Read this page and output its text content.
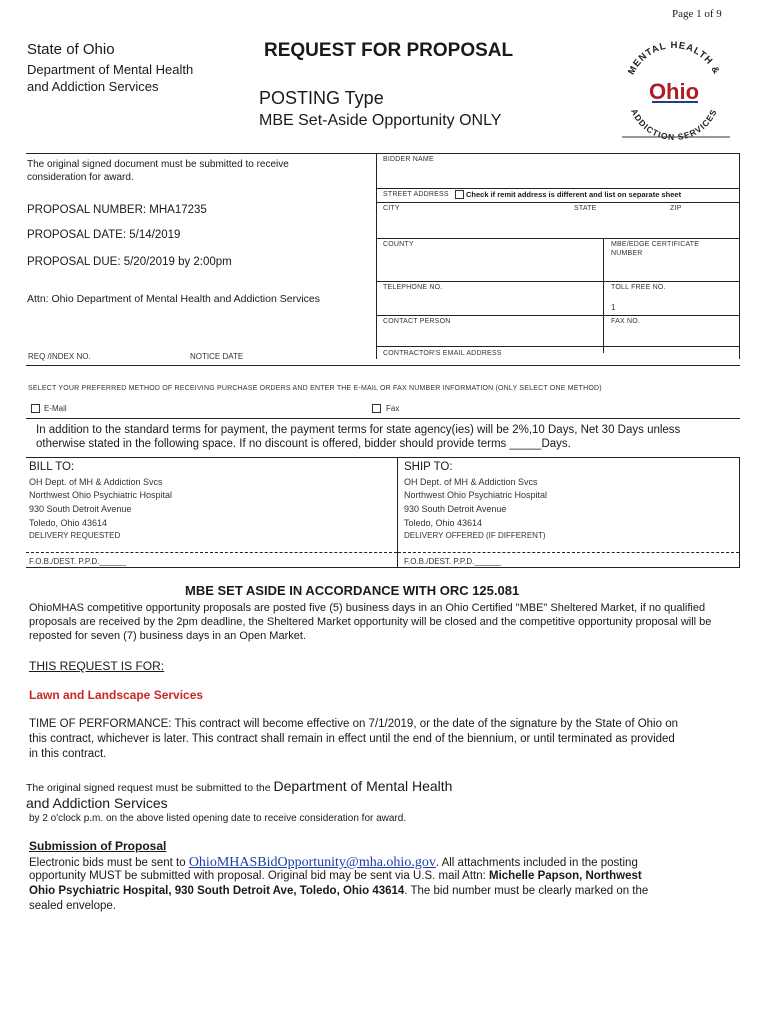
Page 1 of 9
State of Ohio
Department of Mental Health
and Addiction Services
REQUEST FOR PROPOSAL
POSTING Type
MBE Set-Aside Opportunity ONLY
MENTAL HEALTH &
ADDICTION SERVICES
Ohio
The original signed document must be submitted to receive consideration for award.
PROPOSAL NUMBER: MHA17235
PROPOSAL DATE: 5/14/2019
PROPOSAL DUE: 5/20/2019 by 2:00pm
Attn: Ohio Department of Mental Health and Addiction Services
BIDDER NAME
STREET ADDRESS Check if remit address is different and list on separate sheet
CITY	STATE	ZIP
COUNTY	MBE/EDGE CERTIFICATE NUMBER
TELEPHONE NO.	TOLL FREE NO.
1
CONTACT PERSON	FAX NO.
CONTRACTOR'S EMAIL ADDRESS
REQ /INDEX NO.	NOTICE DATE
SELECT YOUR PREFERRED METHOD OF RECEIVING PURCHASE ORDERS AND ENTER THE E-MAIL OR FAX NUMBER INFORMATION (ONLY SELECT ONE METHOD)
E-Mail	Fax
In addition to the standard terms for payment, the payment terms for state agency(ies) will be 2%,10 Days, Net 30 Days unless
otherwise stated in the following space. If no discount is offered, bidder should provide terms _____Days.
BILL TO:
OH Dept. of MH & Addiction Svcs
Northwest Ohio Psychiatric Hospital
930 South Detroit Avenue
Toledo, Ohio 43614
DELIVERY REQUESTED
F.O.B./DEST. P.P.D.______
SHIP TO:
OH Dept. of MH & Addiction Svcs
Northwest Ohio Psychiatric Hospital
930 South Detroit Avenue
Toledo, Ohio 43614
DELIVERY OFFERED (IF DIFFERENT)
F.O.B./DEST. P.P.D.______
MBE SET ASIDE IN ACCORDANCE WITH ORC 125.081
OhioMHAS competitive opportunity proposals are posted five (5) business days in an Ohio Certified "MBE" Sheltered Market, if no qualified
proposals are received by the 2pm deadline, the Sheltered Market opportunity will be closed and the competitive opportunity proposal will be
reposted for seven (7) business days in an Open Market.
THIS REQUEST IS FOR:
Lawn and Landscape Services
TIME OF PERFORMANCE: This contract will become effective on 7/1/2019, or the date of the signature by the State of Ohio on
this contract, whichever is later. This contract shall remain in effect until the end of the biennium, or until terminated as provided
in this contract.
The original signed request must be submitted to the Department of Mental Health
and Addiction Services
by 2 o'clock p.m. on the above listed opening date to receive consideration for award.
Submission of Proposal
Electronic bids must be sent to OhioMHASBidOpportunity@mha.ohio.gov. All attachments included in the posting
opportunity MUST be submitted with proposal. Original bid may be sent via U.S. mail Attn: Michelle Papson, Northwest
Ohio Psychiatric Hospital, 930 South Detroit Ave, Toledo, Ohio 43614. The bid number must be clearly marked on the
sealed envelope.
